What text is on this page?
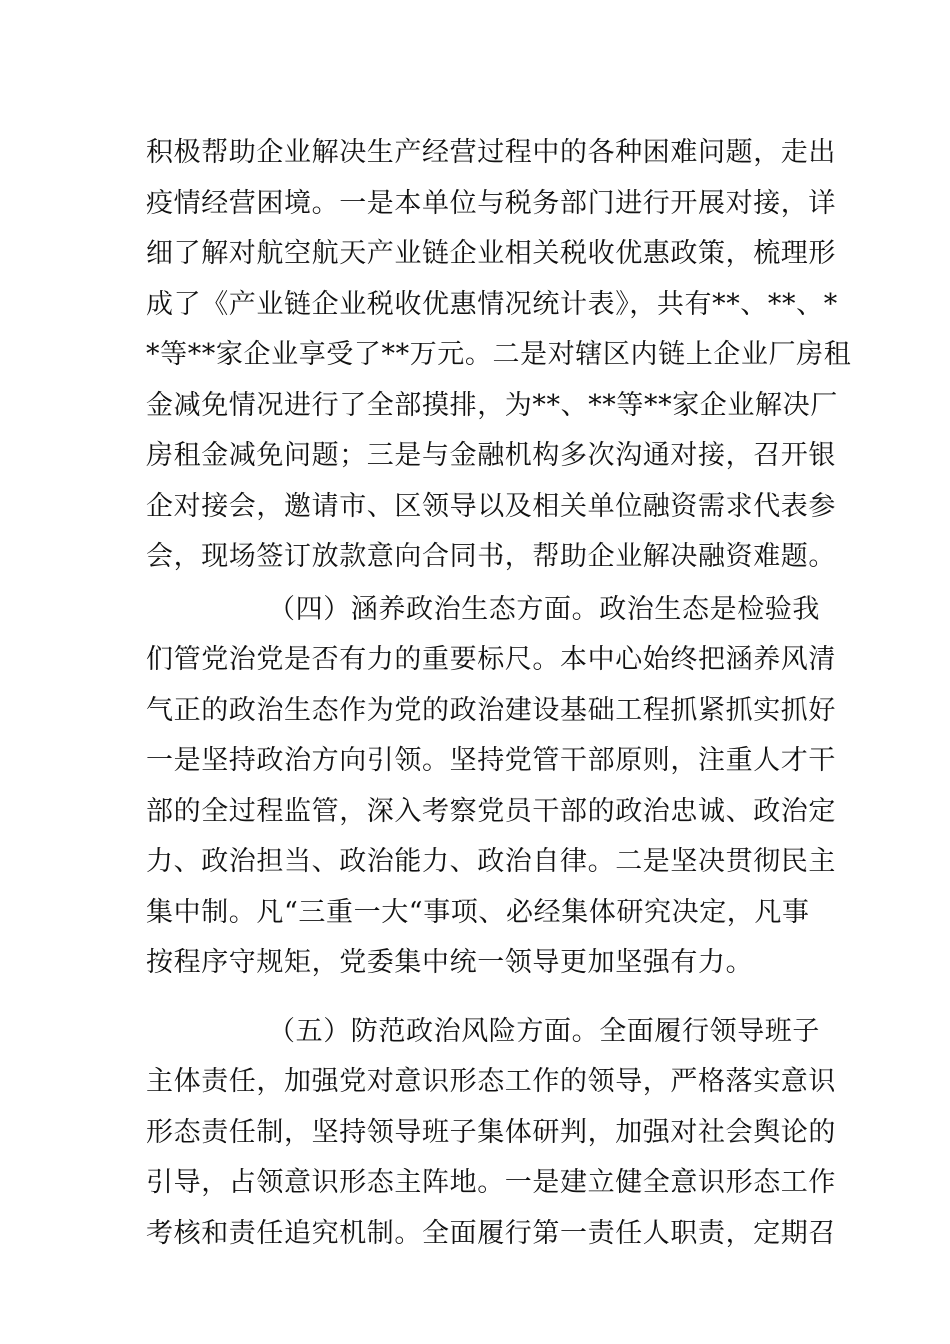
积极帮助企业解决生产经营过程中的各种困难问题，走出
疫情经营困境。一是本单位与税务部门进行开展对接，详
细了解对航空航天产业链企业相关税收优惠政策，梳理形
成了《产业链企业税收优惠情况统计表》，共有**、**、*
*等**家企业享受了**万元。二是对辖区内链上企业厂房租
金减免情况进行了全部摸排，为**、**等**家企业解决厂
房租金减免问题；三是与金融机构多次沟通对接，召开银
企对接会，邀请市、区领导以及相关单位融资需求代表参
会，现场签订放款意向合同书，帮助企业解决融资难题。
（四）涵养政治生态方面。政治生态是检验我
们管党治党是否有力的重要标尺。本中心始终把涵养风清
气正的政治生态作为党的政治建设基础工程抓紧抓实抓好
一是坚持政治方向引领。坚持党管干部原则，注重人才干
部的全过程监管，深入考察党员干部的政治忠诚、政治定
力、政治担当、政治能力、政治自律。二是坚决贯彻民主
集中制。凡“三重一大“事项、必经集体研究决定，凡事
按程序守规矩，党委集中统一领导更加坚强有力。
（五）防范政治风险方面。全面履行领导班子
主体责任，加强党对意识形态工作的领导，严格落实意识
形态责任制，坚持领导班子集体研判，加强对社会舆论的
引导，占领意识形态主阵地。一是建立健全意识形态工作
考核和责任追究机制。全面履行第一责任人职责，定期召
